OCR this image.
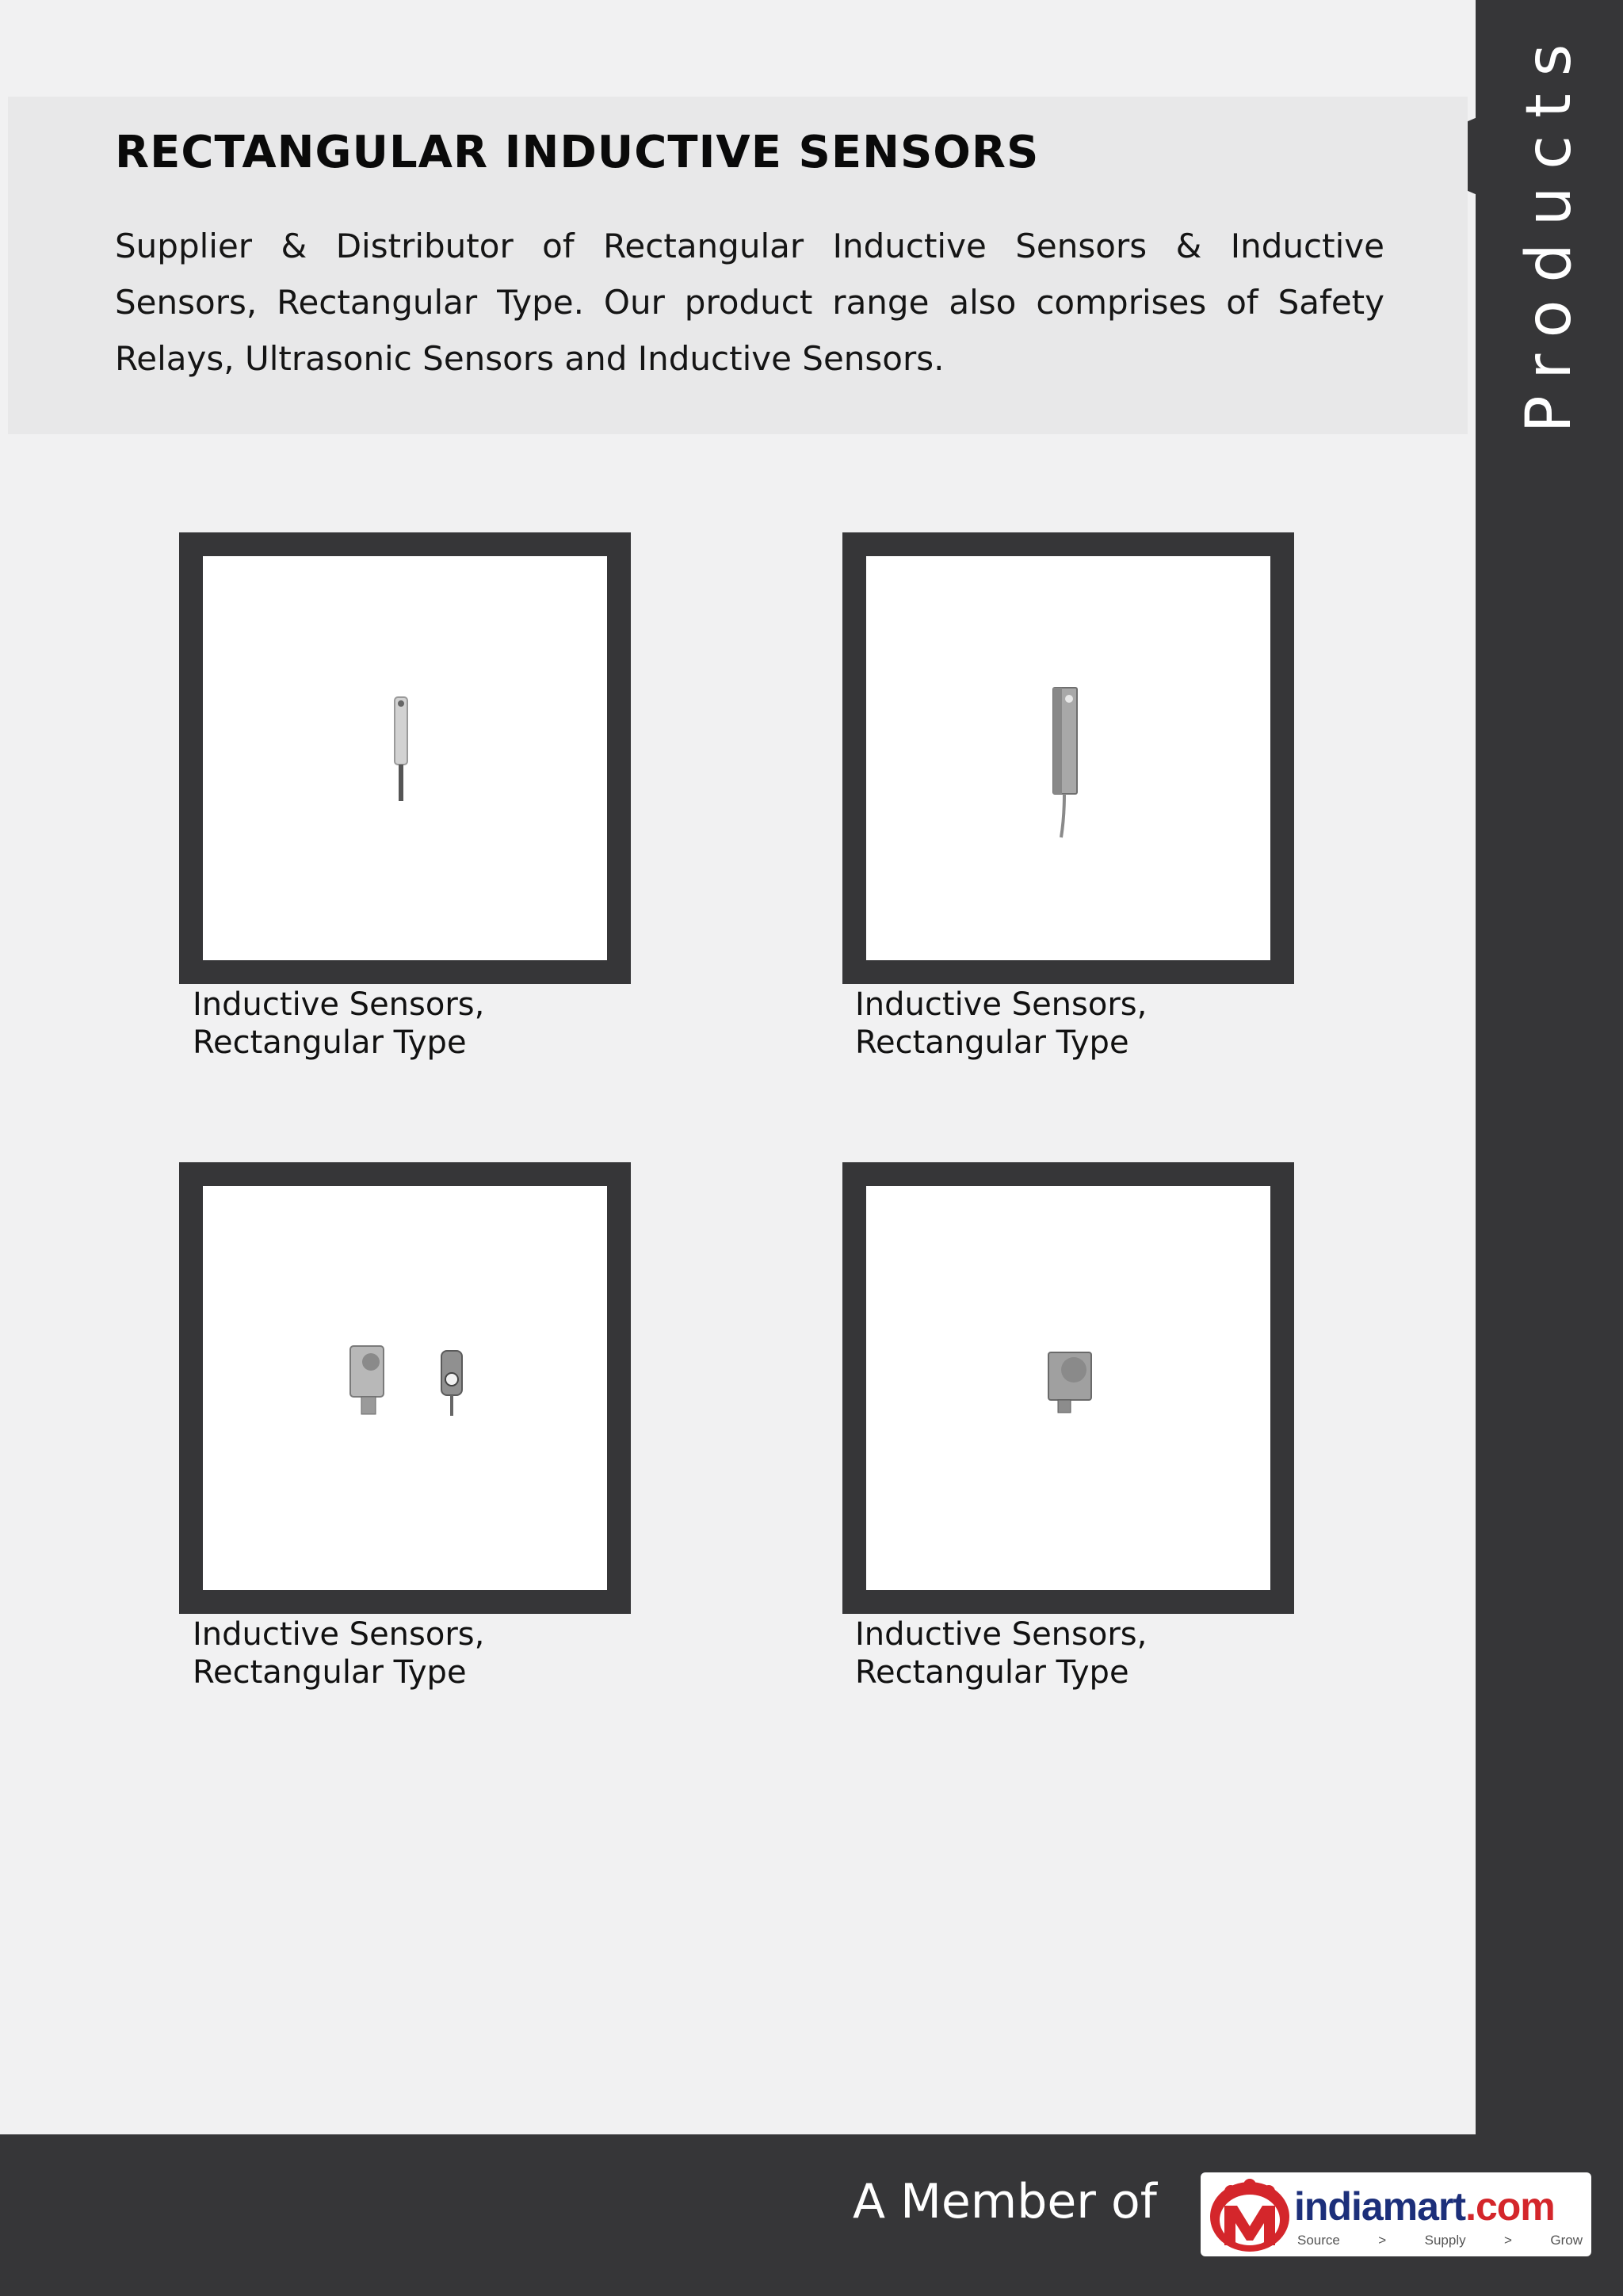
Products
RECTANGULAR INDUCTIVE SENSORS

Supplier & Distributor of Rectangular Inductive Sensors & Inductive Sensors, Rectangular Type. Our product range also comprises of Safety Relays, Ultrasonic Sensors and Inductive Sensors.

Inductive Sensors,
Rectangular Type

Inductive Sensors,
Rectangular Type

Inductive Sensors,
Rectangular Type

Inductive Sensors,
Rectangular Type

A Member of	indiamart.com
Source	>	Supply	>	Grow
